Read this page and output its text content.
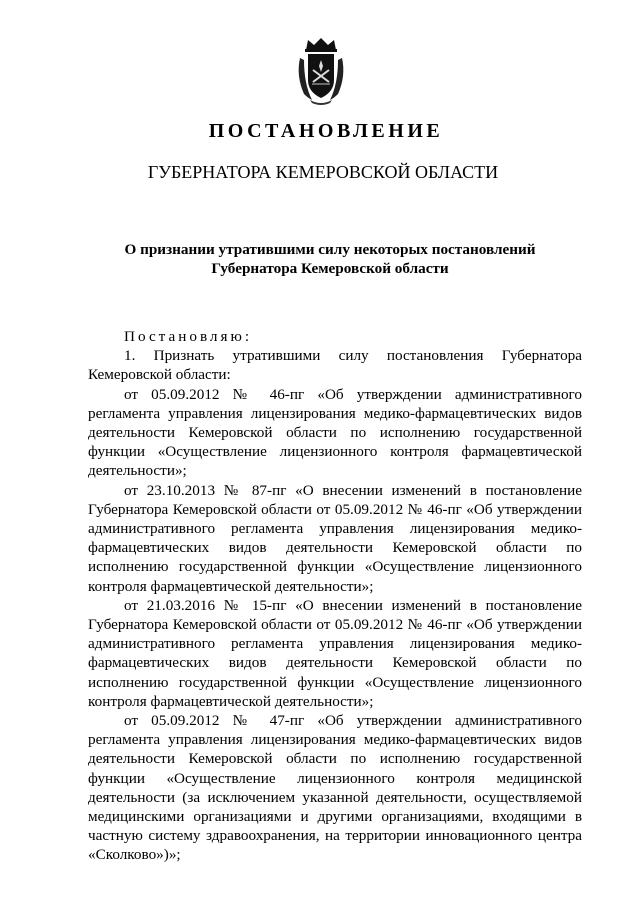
ПОСТАНОВЛЕНИЕ
ГУБЕРНАТОРА КЕМЕРОВСКОЙ ОБЛАСТИ
О признании утратившими силу некоторых постановлений
Губернатора Кемеровской области

Постановляю:

1. Признать утратившими силу постановления Губернатора Кемеровской области:

от 05.09.2012 № 46-пг «Об утверждении административного регламента управления лицензирования медико-фармацевтических видов деятельности Кемеровской области по исполнению государственной функции «Осуществление лицензионного контроля фармацевтической деятельности»;

от 23.10.2013 № 87-пг «О внесении изменений в постановление Губернатора Кемеровской области от 05.09.2012 № 46-пг «Об утверждении административного регламента управления лицензирования медико-фармацевтических видов деятельности Кемеровской области по исполнению государственной функции «Осуществление лицензионного контроля фармацевтической деятельности»;

от 21.03.2016 № 15-пг «О внесении изменений в постановление Губернатора Кемеровской области от 05.09.2012 № 46-пг «Об утверждении административного регламента управления лицензирования медико-фармацевтических видов деятельности Кемеровской области по исполнению государственной функции «Осуществление лицензионного контроля фармацевтической деятельности»;

от 05.09.2012 № 47-пг «Об утверждении административного регламента управления лицензирования медико-фармацевтических видов деятельности Кемеровской области по исполнению государственной функции «Осуществление лицензионного контроля медицинской деятельности (за исключением указанной деятельности, осуществляемой медицинскими организациями и другими организациями, входящими в частную систему здравоохранения, на территории инновационного центра «Сколково»)»;
